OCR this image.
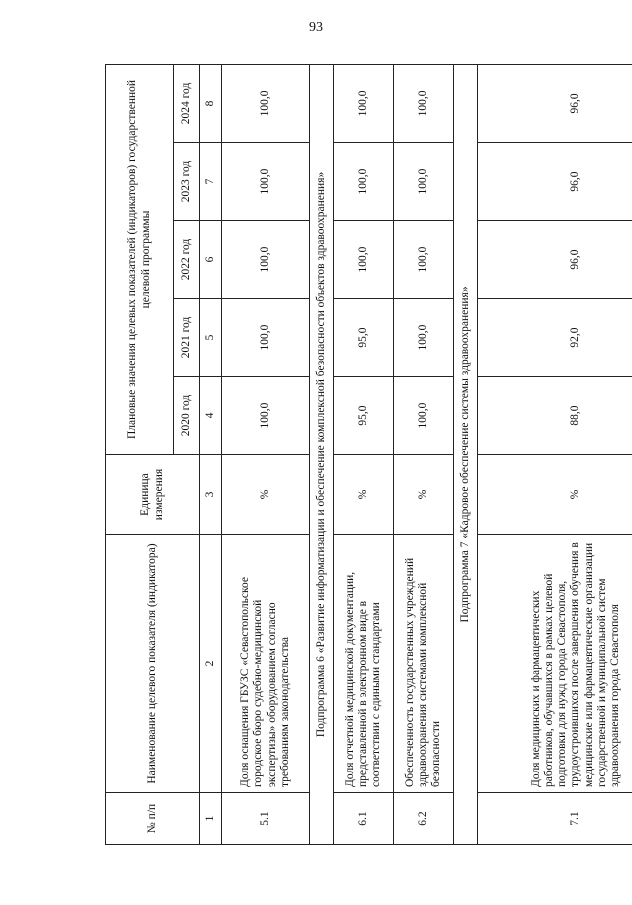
93
№ п/п	Наименование целевого показателя (индикатора)	Единица измерения	Плановые значения целевых показателей (индикаторов) государственной целевой программы				
			2020 год	2021 год	2022 год	2023 год	2024 год
1	2	3	4	5	6	7	8
5.1	Доля оснащения ГБУЗС «Севастопольское городское бюро судебно-медицинской экспертизы» оборудованием согласно требованиям законодательства	%	100,0	100,0	100,0	100,0	100,0
Подпрограмма 6 «Развитие информатизации и обеспечение комплексной безопасности объектов здравоохранения»							
6.1	Доля отчетной медицинской документации, представленной в электронном виде в соответствии с едиными стандартами	%	95,0	95,0	100,0	100,0	100,0
6.2	Обеспеченность государственных учреждений здравоохранения системами комплексной безопасности	%	100,0	100,0	100,0	100,0	100,0
Подпрограмма 7 «Кадровое обеспечение системы здравоохранения»							
7.1	Доля медицинских и фармацевтических работников, обучавшихся в рамках целевой подготовки для нужд города Севастополя, трудоустроившихся после завершения обучения в медицинские или фармацевтические организации государственной и муниципальной систем здравоохранения города Севастополя	%	88,0	92,0	96,0	96,0	96,0
